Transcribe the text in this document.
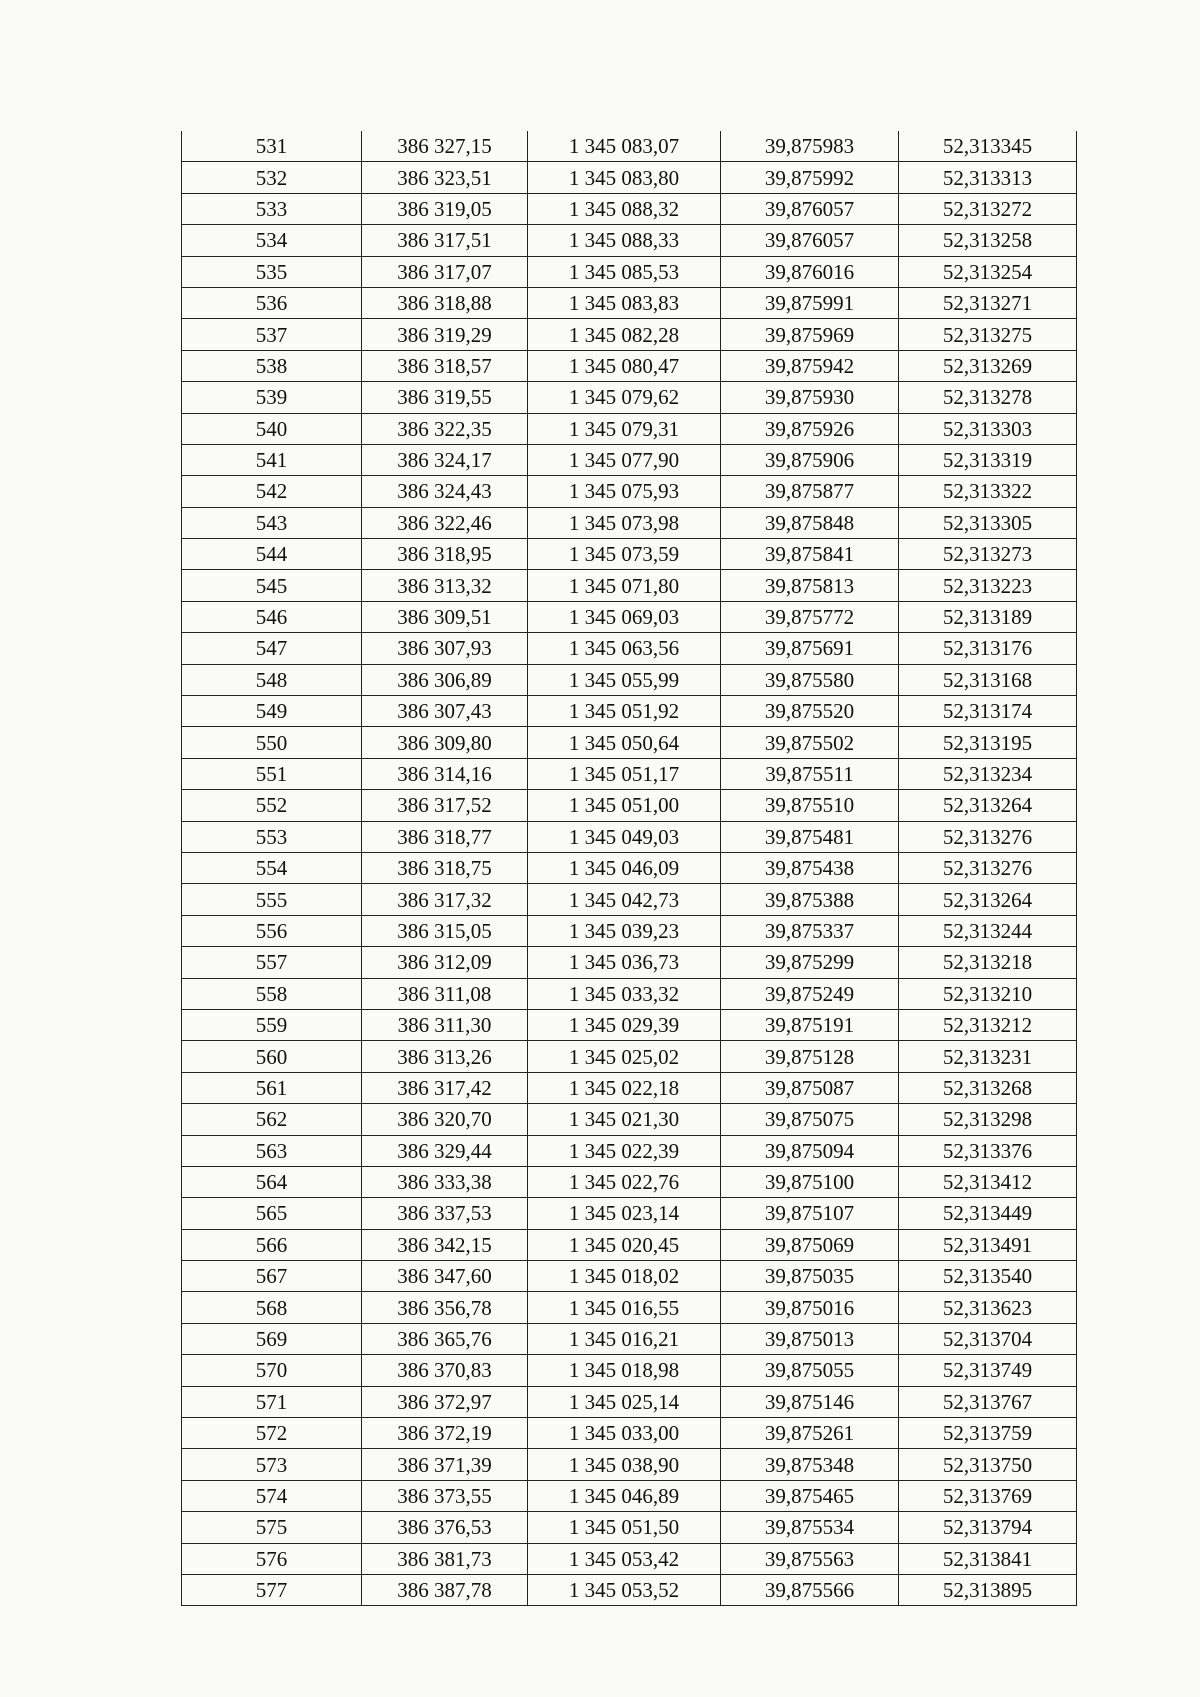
531	386 327,15	1 345 083,07	39,875983	52,313345
532	386 323,51	1 345 083,80	39,875992	52,313313
533	386 319,05	1 345 088,32	39,876057	52,313272
534	386 317,51	1 345 088,33	39,876057	52,313258
535	386 317,07	1 345 085,53	39,876016	52,313254
536	386 318,88	1 345 083,83	39,875991	52,313271
537	386 319,29	1 345 082,28	39,875969	52,313275
538	386 318,57	1 345 080,47	39,875942	52,313269
539	386 319,55	1 345 079,62	39,875930	52,313278
540	386 322,35	1 345 079,31	39,875926	52,313303
541	386 324,17	1 345 077,90	39,875906	52,313319
542	386 324,43	1 345 075,93	39,875877	52,313322
543	386 322,46	1 345 073,98	39,875848	52,313305
544	386 318,95	1 345 073,59	39,875841	52,313273
545	386 313,32	1 345 071,80	39,875813	52,313223
546	386 309,51	1 345 069,03	39,875772	52,313189
547	386 307,93	1 345 063,56	39,875691	52,313176
548	386 306,89	1 345 055,99	39,875580	52,313168
549	386 307,43	1 345 051,92	39,875520	52,313174
550	386 309,80	1 345 050,64	39,875502	52,313195
551	386 314,16	1 345 051,17	39,875511	52,313234
552	386 317,52	1 345 051,00	39,875510	52,313264
553	386 318,77	1 345 049,03	39,875481	52,313276
554	386 318,75	1 345 046,09	39,875438	52,313276
555	386 317,32	1 345 042,73	39,875388	52,313264
556	386 315,05	1 345 039,23	39,875337	52,313244
557	386 312,09	1 345 036,73	39,875299	52,313218
558	386 311,08	1 345 033,32	39,875249	52,313210
559	386 311,30	1 345 029,39	39,875191	52,313212
560	386 313,26	1 345 025,02	39,875128	52,313231
561	386 317,42	1 345 022,18	39,875087	52,313268
562	386 320,70	1 345 021,30	39,875075	52,313298
563	386 329,44	1 345 022,39	39,875094	52,313376
564	386 333,38	1 345 022,76	39,875100	52,313412
565	386 337,53	1 345 023,14	39,875107	52,313449
566	386 342,15	1 345 020,45	39,875069	52,313491
567	386 347,60	1 345 018,02	39,875035	52,313540
568	386 356,78	1 345 016,55	39,875016	52,313623
569	386 365,76	1 345 016,21	39,875013	52,313704
570	386 370,83	1 345 018,98	39,875055	52,313749
571	386 372,97	1 345 025,14	39,875146	52,313767
572	386 372,19	1 345 033,00	39,875261	52,313759
573	386 371,39	1 345 038,90	39,875348	52,313750
574	386 373,55	1 345 046,89	39,875465	52,313769
575	386 376,53	1 345 051,50	39,875534	52,313794
576	386 381,73	1 345 053,42	39,875563	52,313841
577	386 387,78	1 345 053,52	39,875566	52,313895
